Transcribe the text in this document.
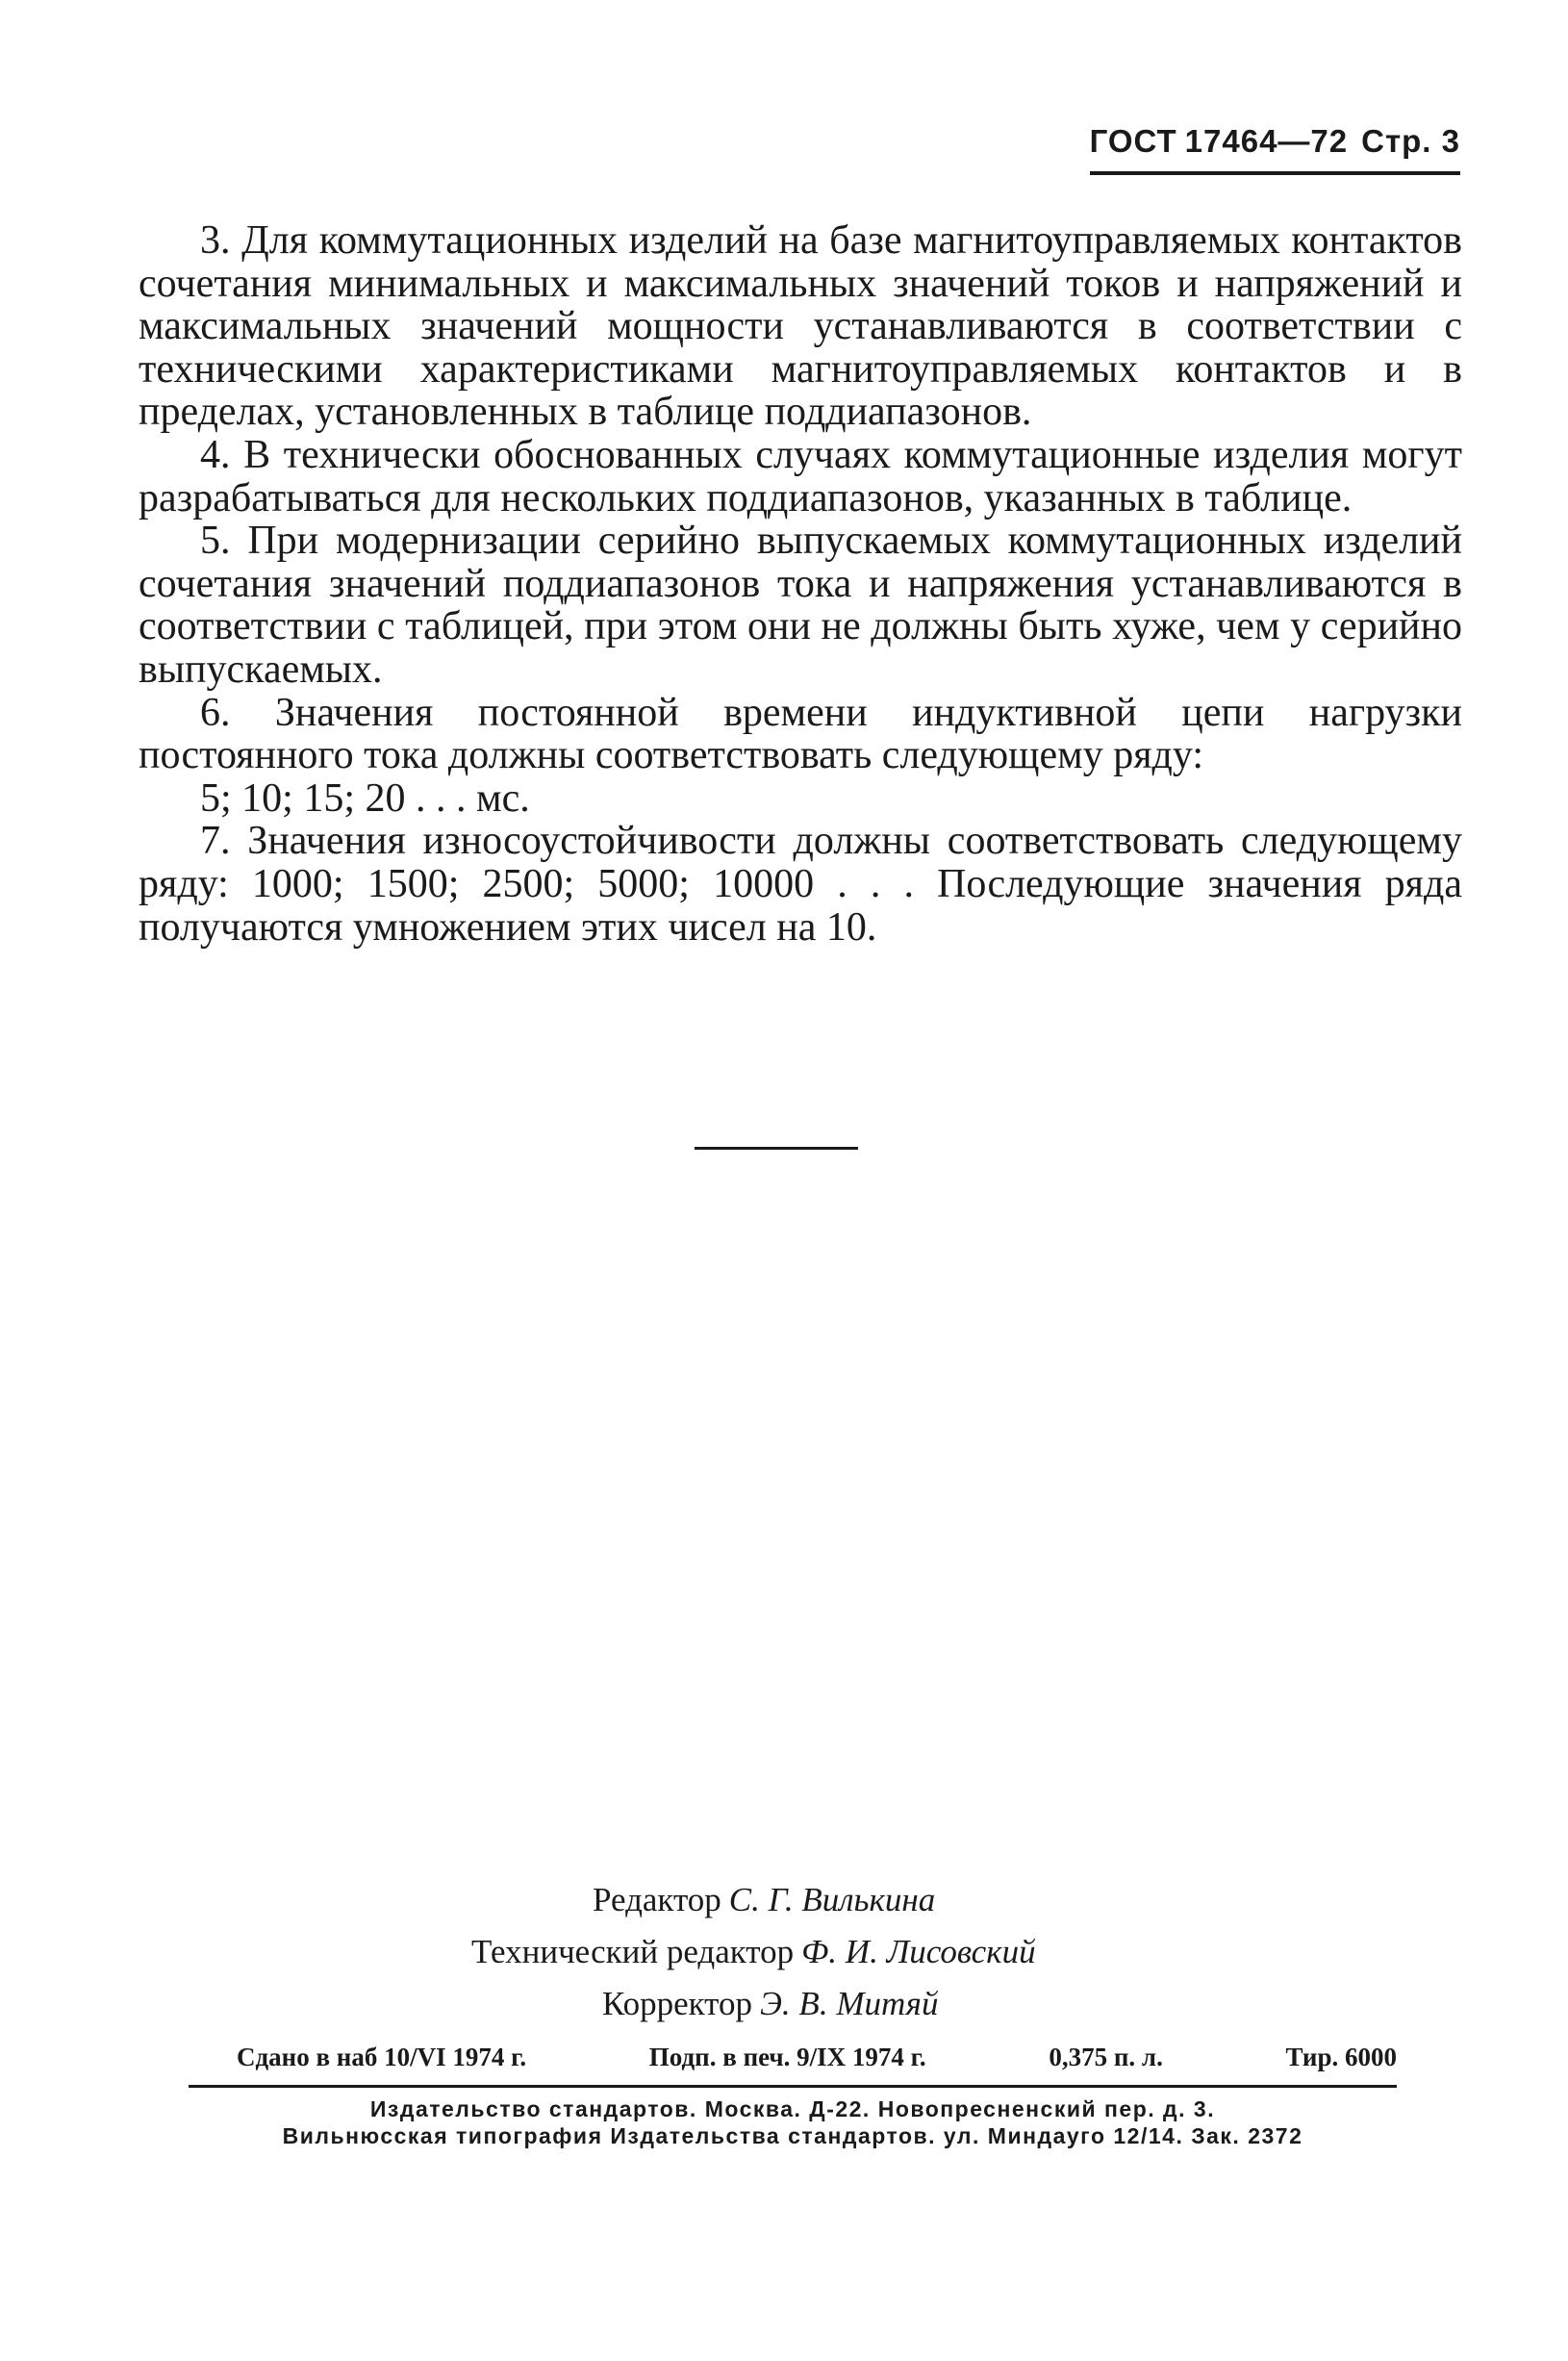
ГОСТ 17464—72 Стр. 3

3. Для коммутационных изделий на базе магнитоуправляемых контактов сочетания минимальных и максимальных значений токов и напряжений и максимальных значений мощности устанавливаются в соответствии с техническими характеристиками магнитоуправляемых контактов и в пределах, установленных в таблице поддиапазонов.

4. В технически обоснованных случаях коммутационные изделия могут разрабатываться для нескольких поддиапазонов, указанных в таблице.

5. При модернизации серийно выпускаемых коммутационных изделий сочетания значений поддиапазонов тока и напряжения устанавливаются в соответствии с таблицей, при этом они не должны быть хуже, чем у серийно выпускаемых.

6. Значения постоянной времени индуктивной цепи нагрузки постоянного тока должны соответствовать следующему ряду:

5; 10; 15; 20 . . . мс.

7. Значения износоустойчивости должны соответствовать следующему ряду: 1000; 1500; 2500; 5000; 10000 . . . Последующие значения ряда получаются умножением этих чисел на 10.

Редактор С. Г. Вилькина
Технический редактор Ф. И. Лисовский
Корректор Э. В. Митяй
Сдано в наб 10/VI 1974 г.	Подп. в печ. 9/IX 1974 г.	0,375 п. л.	Тир. 6000
Издательство стандартов. Москва. Д-22. Новопресненский пер. д. 3.
Вильнюсская типография Издательства стандартов. ул. Миндауго 12/14. Зак. 2372
